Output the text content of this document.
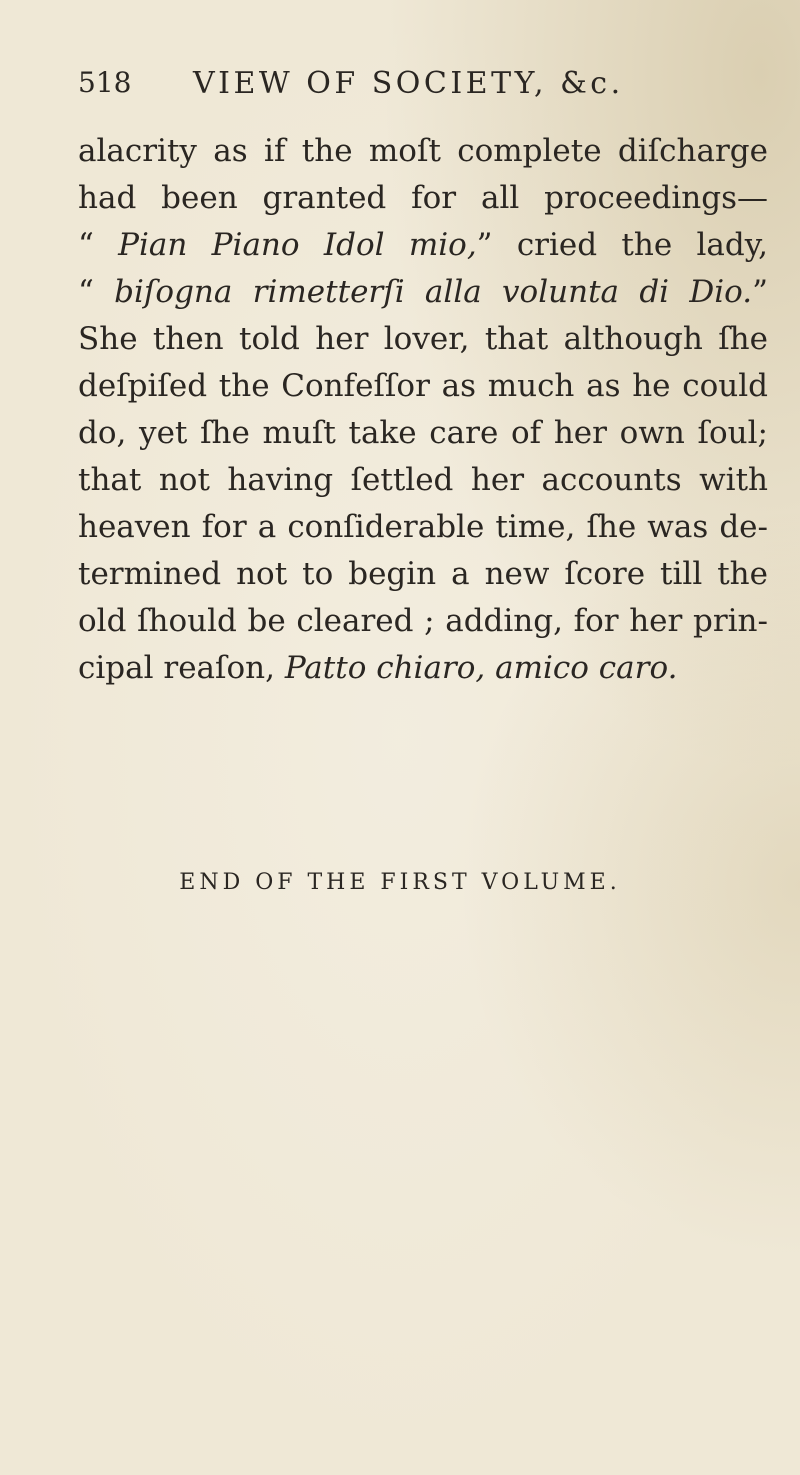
518 VIEW OF SOCIETY, &c.
alacrity as if the moſt complete diſcharge
had been granted for all proceedings—
“ Pian Piano Idol mio,” cried the lady,
“ biſogna rimetterſi alla volunta di Dio.”
She then told her lover, that although ſhe
deſpiſed the Confeſſor as much as he could
do, yet ſhe muſt take care of her own ſoul;
that not having ſettled her accounts with
heaven for a conſiderable time, ſhe was de-
termined not to begin a new ſcore till the
old ſhould be cleared ; adding, for her prin-
cipal reaſon, Patto chiaro, amico caro.
END OF THE FIRST VOLUME.
